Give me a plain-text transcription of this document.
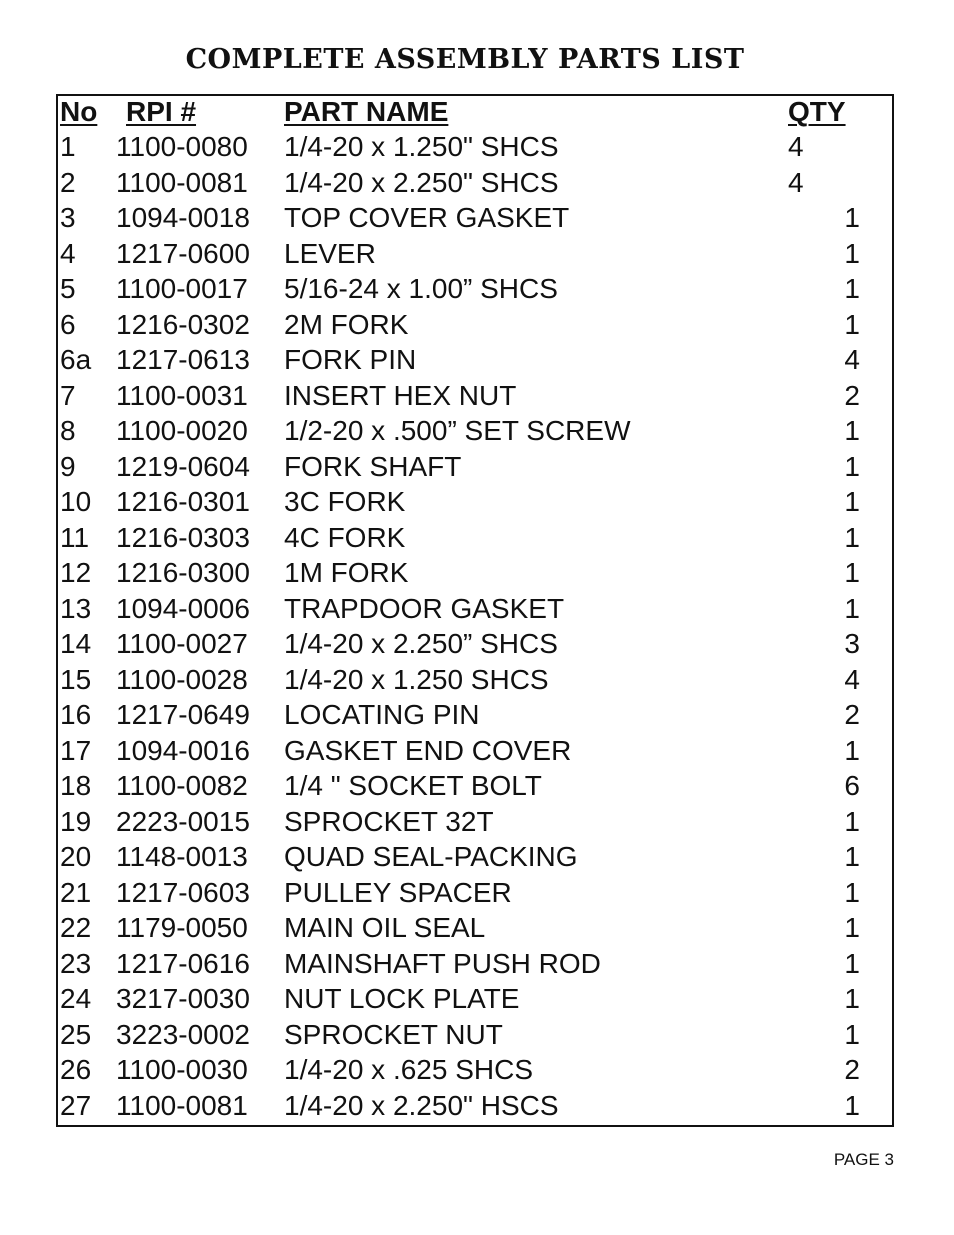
COMPLETE ASSEMBLY PARTS LIST
No RPI #	PART NAME	QTY
1 1100-0080 1/4-20 x 1.250" SHCS	4
2 1100-0081 1/4-20 x 2.250" SHCS	4
3 1094-0018 TOP COVER GASKET	1
4 1217-0600 LEVER	1
5 1100-0017 5/16-24 x 1.00” SHCS	1
6 1216-0302 2M FORK	1
6a 1217-0613 FORK PIN	4
7 1100-0031 INSERT HEX NUT	2
8 1100-0020 1/2-20 x .500” SET SCREW	1
9 1219-0604 FORK SHAFT	1
10 1216-0301 3C FORK	1
11 1216-0303 4C FORK	1
12 1216-0300 1M FORK	1
13 1094-0006 TRAPDOOR GASKET	1
14 1100-0027 1/4-20 x 2.250” SHCS	3
15 1100-0028 1/4-20 x 1.250 SHCS	4
16 1217-0649 LOCATING PIN	2
17 1094-0016 GASKET END COVER	1
18 1100-0082 1/4 " SOCKET BOLT	6
19 2223-0015 SPROCKET 32T	1
20 1148-0013 QUAD SEAL-PACKING	1
21 1217-0603 PULLEY SPACER	1
22 1179-0050 MAIN OIL SEAL	1
23 1217-0616 MAINSHAFT PUSH ROD	1
24 3217-0030 NUT LOCK PLATE	1
25 3223-0002 SPROCKET NUT	1
26 1100-0030 1/4-20 x .625 SHCS	2
27 1100-0081 1/4-20 x 2.250" HSCS	1
PAGE 3
